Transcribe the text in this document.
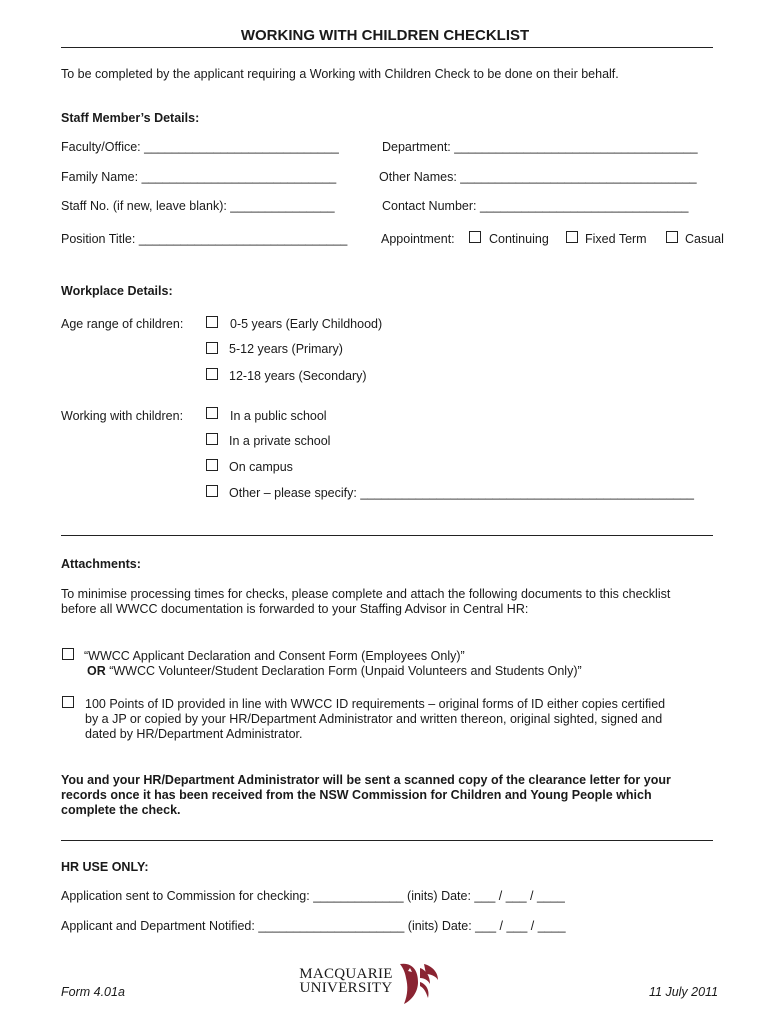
WORKING WITH CHILDREN CHECKLIST
To be completed by the applicant requiring a Working with Children Check to be done on their behalf.
Staff Member’s Details:
Faculty/Office: ____________________________	Department: ___________________________________
Family Name: ____________________________	Other Names: __________________________________
Staff No. (if new, leave blank): _______________	Contact Number: ______________________________
Position Title: ______________________________	Appointment:	Continuing	Fixed Term	Casual
Workplace Details:
Age range of children:	0-5 years (Early Childhood)
5-12 years (Primary)
12-18 years (Secondary)
Working with children:	In a public school
In a private school
On campus
Other – please specify: ________________________________________________
Attachments:
To minimise processing times for checks, please complete and attach the following documents to this checklist
before all WWCC documentation is forwarded to your Staffing Advisor in Central HR:
“WWCC Applicant Declaration and Consent Form (Employees Only)”
OR “WWCC Volunteer/Student Declaration Form (Unpaid Volunteers and Students Only)”
100 Points of ID provided in line with WWCC ID requirements – original forms of ID either copies certified
by a JP or copied by your HR/Department Administrator and written thereon, original sighted, signed and
dated by HR/Department Administrator.
You and your HR/Department Administrator will be sent a scanned copy of the clearance letter for your
records once it has been received from the NSW Commission for Children and Young People which
complete the check.
HR USE ONLY:
Application sent to Commission for checking: _____________ (inits) Date: ___ / ___ / ____
Applicant and Department Notified: _____________________ (inits) Date: ___ / ___ / ____
Form 4.01a
MACQUARIE
UNIVERSITY	11 July 2011
